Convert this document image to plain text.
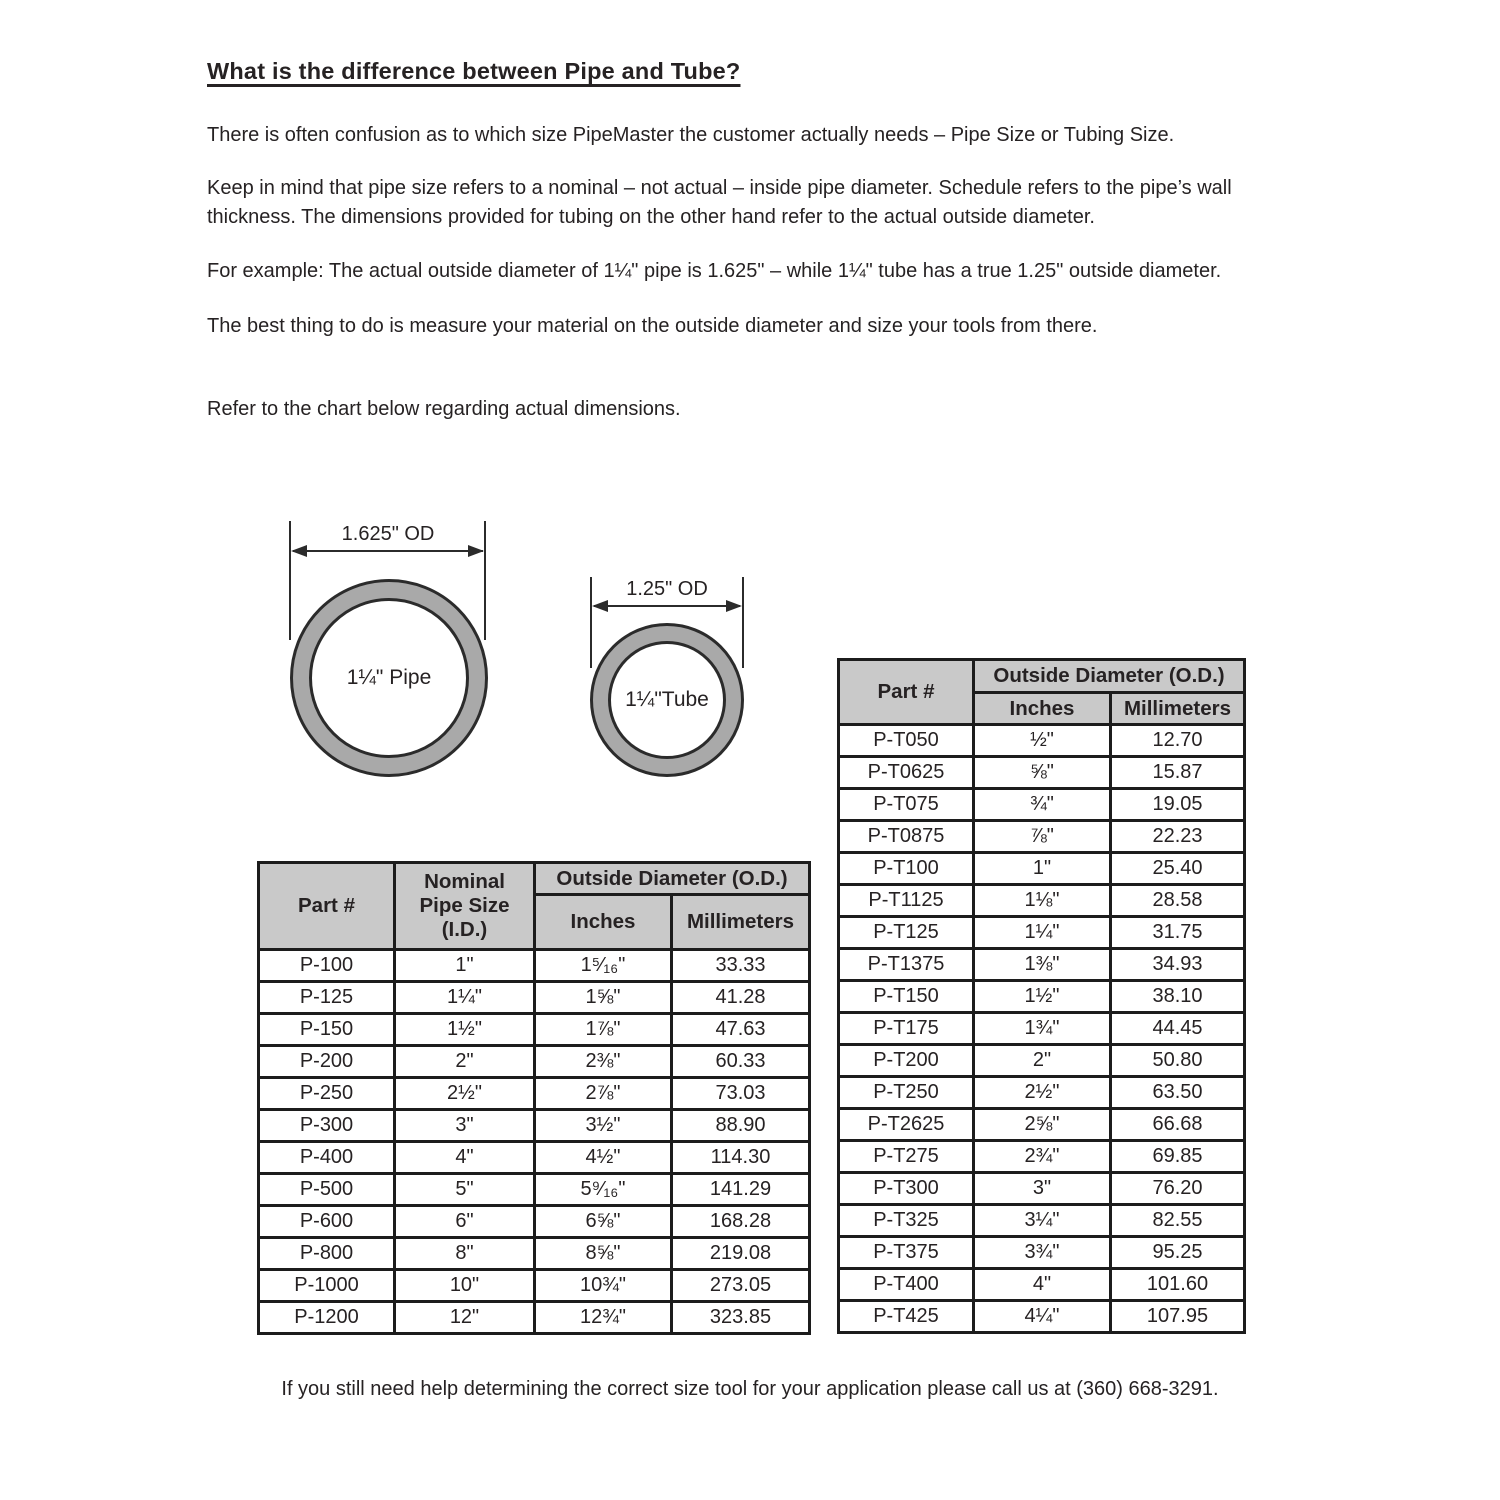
What is the difference between Pipe and Tube?

There is often confusion as to which size PipeMaster the customer actually needs – Pipe Size or Tubing Size.

Keep in mind that pipe size refers to a nominal – not actual – inside pipe diameter. Schedule refers to the pipe’s wall thickness. The dimensions provided for tubing on the other hand refer to the actual outside diameter.

For example: The actual outside diameter of 1¼" pipe is 1.625" – while 1¼" tube has a true 1.25" outside diameter.

The best thing to do is measure your material on the outside diameter and size your tools from there.

Refer to the chart below regarding actual dimensions.

1.625" OD
1¼" Pipe
1.25" OD
1¼"Tube
Part #	Nominal Pipe Size (I.D.)	Outside Diameter (O.D.)	
		Inches	Millimeters
P-100	1"	1⁵⁄₁₆"	33.33
P-125	1¼"	1⅝"	41.28
P-150	1½"	1⅞"	47.63
P-200	2"	2⅜"	60.33
P-250	2½"	2⅞"	73.03
P-300	3"	3½"	88.90
P-400	4"	4½"	114.30
P-500	5"	5⁹⁄₁₆"	141.29
P-600	6"	6⅝"	168.28
P-800	8"	8⅝"	219.08
P-1000	10"	10¾"	273.05
P-1200	12"	12¾"	323.85
Part #	Outside Diameter (O.D.)	
	Inches	Millimeters
P-T050	½"	12.70
P-T0625	⅝"	15.87
P-T075	¾"	19.05
P-T0875	⅞"	22.23
P-T100	1"	25.40
P-T1125	1⅛"	28.58
P-T125	1¼"	31.75
P-T1375	1⅜"	34.93
P-T150	1½"	38.10
P-T175	1¾"	44.45
P-T200	2"	50.80
P-T250	2½"	63.50
P-T2625	2⅝"	66.68
P-T275	2¾"	69.85
P-T300	3"	76.20
P-T325	3¼"	82.55
P-T375	3¾"	95.25
P-T400	4"	101.60
P-T425	4¼"	107.95

If you still need help determining the correct size tool for your application please call us at (360) 668-3291.
